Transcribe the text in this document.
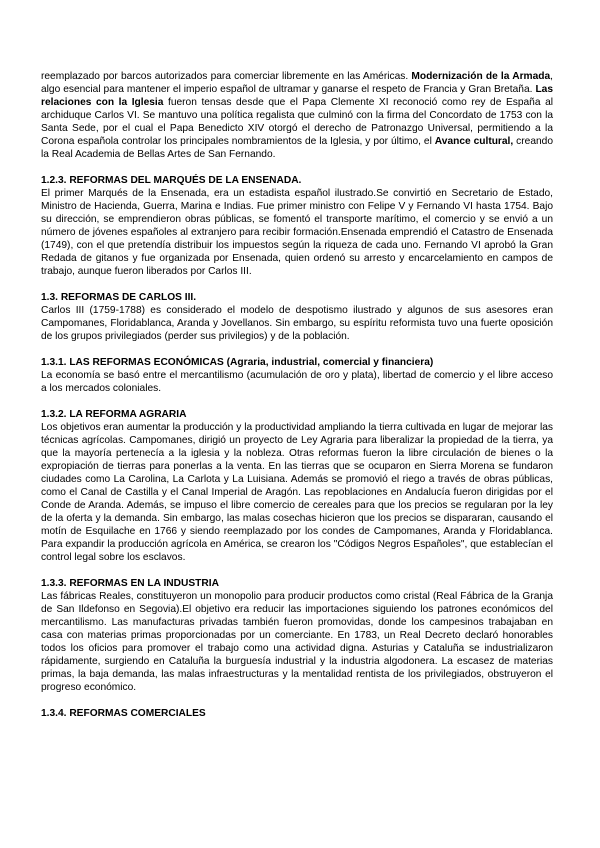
reemplazado por barcos autorizados para comerciar libremente en las Américas. Modernización de la Armada, algo esencial para mantener el imperio español de ultramar y ganarse el respeto de Francia y Gran Bretaña. Las relaciones con la Iglesia fueron tensas desde que el Papa Clemente XI reconoció como rey de España al archiduque Carlos VI. Se mantuvo una política regalista que culminó con la firma del Concordato de 1753 con la Santa Sede, por el cual el Papa Benedicto XIV otorgó el derecho de Patronazgo Universal, permitiendo a la Corona española controlar los principales nombramientos de la Iglesia, y por último, el Avance cultural, creando la Real Academia de Bellas Artes de San Fernando.

1.2.3. REFORMAS DEL MARQUÉS DE LA ENSENADA.

El primer Marqués de la Ensenada, era un estadista español ilustrado.Se convirtió en Secretario de Estado, Ministro de Hacienda, Guerra, Marina e Indias. Fue primer ministro con Felipe V y Fernando VI hasta 1754. Bajo su dirección, se emprendieron obras públicas, se fomentó el transporte marítimo, el comercio y se envió a un número de jóvenes españoles al extranjero para recibir formación.Ensenada emprendió el Catastro de Ensenada (1749), con el que pretendía distribuir los impuestos según la riqueza de cada uno. Fernando VI aprobó la Gran Redada de gitanos y fue organizada por Ensenada, quien ordenó su arresto y encarcelamiento en campos de trabajo, aunque fueron liberados por Carlos III.

1.3. REFORMAS DE CARLOS III.

Carlos III (1759-1788) es considerado el modelo de despotismo ilustrado y algunos de sus asesores eran Campomanes, Floridablanca, Aranda y Jovellanos. Sin embargo, su espíritu reformista tuvo una fuerte oposición de los grupos privilegiados (perder sus privilegios) y de la población.

1.3.1. LAS REFORMAS ECONÓMICAS (Agraria, industrial, comercial y financiera)

La economía se basó entre el mercantilismo (acumulación de oro y plata), libertad de comercio y el libre acceso a los mercados coloniales.

1.3.2. LA REFORMA AGRARIA

Los objetivos eran aumentar la producción y la productividad ampliando la tierra cultivada en lugar de mejorar las técnicas agrícolas. Campomanes, dirigió un proyecto de Ley Agraria para liberalizar la propiedad de la tierra, ya que la mayoría pertenecía a la iglesia y la nobleza. Otras reformas fueron la libre circulación de bienes o la expropiación de tierras para ponerlas a la venta. En las tierras que se ocuparon en Sierra Morena se fundaron ciudades como La Carolina, La Carlota y La Luisiana. Además se promovió el riego a través de obras públicas, como el Canal de Castilla y el Canal Imperial de Aragón. Las repoblaciones en Andalucía fueron dirigidas por el Conde de Aranda. Además, se impuso el libre comercio de cereales para que los precios se regularan por la ley de la oferta y la demanda. Sin embargo, las malas cosechas hicieron que los precios se dispararan, causando el motín de Esquilache en 1766 y siendo reemplazado por los condes de Campomanes, Aranda y Floridablanca. Para expandir la producción agrícola en América, se crearon los "Códigos Negros Españoles", que establecían el control legal sobre los esclavos.

1.3.3. REFORMAS EN LA INDUSTRIA

Las fábricas Reales, constituyeron un monopolio para producir productos como cristal (Real Fábrica de la Granja de San Ildefonso en Segovia).El objetivo era reducir las importaciones siguiendo los patrones económicos del mercantilismo. Las manufacturas privadas también fueron promovidas, donde los campesinos trabajaban en casa con materias primas proporcionadas por un comerciante. En 1783, un Real Decreto declaró honorables todos los oficios para promover el trabajo como una actividad digna. Asturias y Cataluña se industrializaron rápidamente, surgiendo en Cataluña la burguesía industrial y la industria algodonera. La escasez de materias primas, la baja demanda, las malas infraestructuras y la mentalidad rentista de los privilegiados, obstruyeron el progreso económico.

1.3.4. REFORMAS COMERCIALES
